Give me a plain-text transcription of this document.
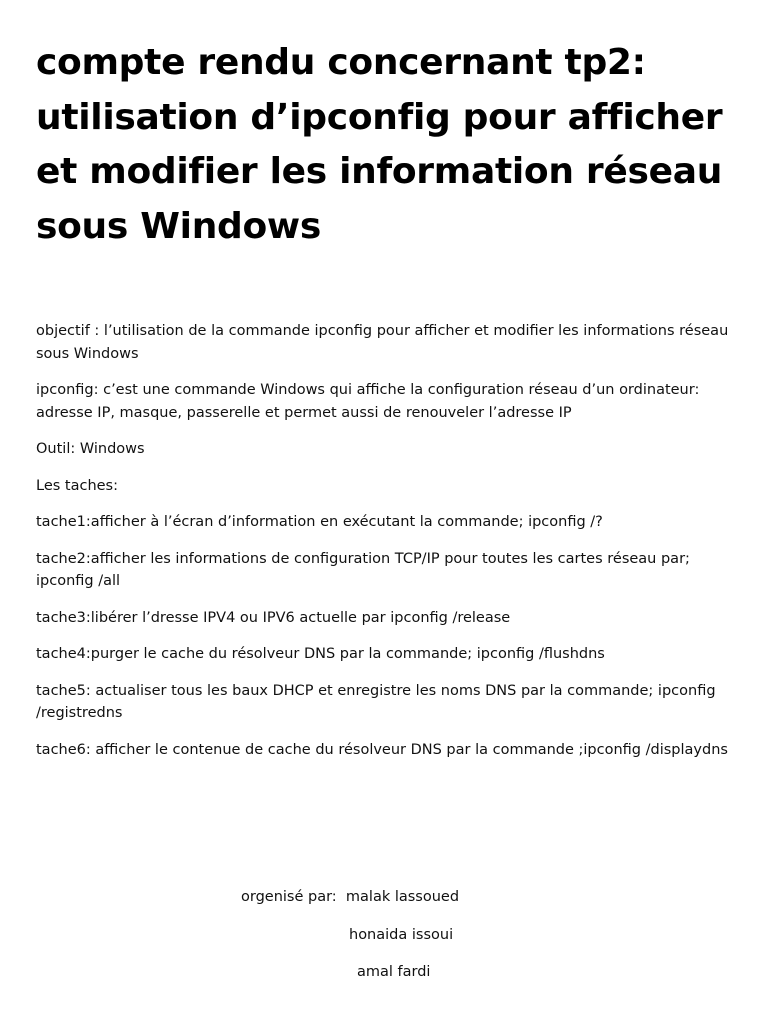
compte rendu concernant tp2: utilisation d’ipconfig pour afficher et modifier les information réseau sous Windows

objectif : l’utilisation de la commande ipconfig pour afficher et modifier les informations réseau sous Windows

ipconfig: c’est une commande Windows qui affiche la configuration réseau d’un ordinateur: adresse IP, masque, passerelle et permet aussi de renouveler l’adresse IP

Outil: Windows

Les taches:

tache1:afficher à l’écran d’information en exécutant la commande; ipconfig /?

tache2:afficher les informations de configuration TCP/IP pour toutes les cartes réseau par; ipconfig /all

tache3:libérer l’dresse IPV4 ou IPV6 actuelle par ipconfig /release

tache4:purger le cache du résolveur DNS par la commande; ipconfig /flushdns

tache5: actualiser tous les baux DHCP et enregistre les noms DNS par la commande; ipconfig /registredns

tache6: afficher le contenue de cache du résolveur DNS par la commande ;ipconfig /displaydns

orgenisé par:  malak lassoued
honaida issoui
amal fardi
